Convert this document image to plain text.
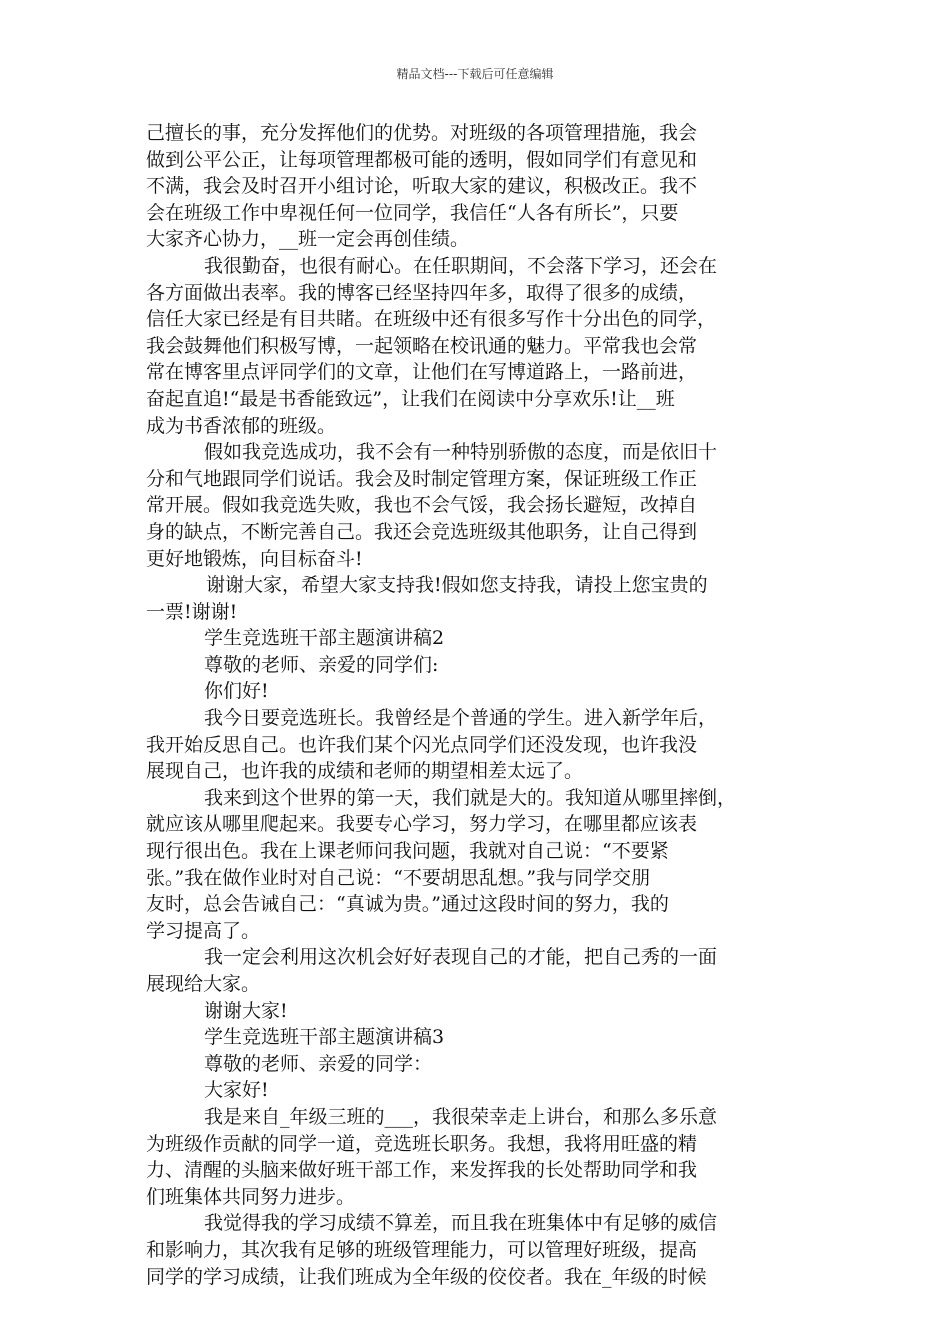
精品文档---下载后可任意编辑
己擅长的事，充分发挥他们的优势。对班级的各项管理措施，我会
做到公平公正，让每项管理都极可能的透明，假如同学们有意见和
不满，我会及时召开小组讨论，听取大家的建议，积极改正。我不
会在班级工作中卑视任何一位同学，我信任“人各有所长”，只要
大家齐心协力，__班一定会再创佳绩。
我很勤奋，也很有耐心。在任职期间，不会落下学习，还会在
各方面做出表率。我的博客已经坚持四年多，取得了很多的成绩，
信任大家已经是有目共睹。在班级中还有很多写作十分出色的同学，
我会鼓舞他们积极写博，一起领略在校讯通的魅力。平常我也会常
常在博客里点评同学们的文章，让他们在写博道路上，一路前进，
奋起直追!“最是书香能致远”，让我们在阅读中分享欢乐!让__班
成为书香浓郁的班级。
假如我竞选成功，我不会有一种特别骄傲的态度，而是依旧十
分和气地跟同学们说话。我会及时制定管理方案，保证班级工作正
常开展。假如我竞选失败，我也不会气馁，我会扬长避短，改掉自
身的缺点，不断完善自己。我还会竞选班级其他职务，让自己得到
更好地锻炼，向目标奋斗!
谢谢大家，希望大家支持我!假如您支持我，请投上您宝贵的
一票!谢谢!
学生竞选班干部主题演讲稿2
尊敬的老师、亲爱的同学们:
你们好!
我今日要竞选班长。我曾经是个普通的学生。进入新学年后，
我开始反思自己。也许我们某个闪光点同学们还没发现，也许我没
展现自己，也许我的成绩和老师的期望相差太远了。
我来到这个世界的第一天，我们就是大的。我知道从哪里摔倒，
就应该从哪里爬起来。我要专心学习，努力学习，在哪里都应该表
现行很出色。我在上课老师问我问题，我就对自己说：“不要紧
张。”我在做作业时对自己说：“不要胡思乱想。”我与同学交朋
友时，总会告诫自己：“真诚为贵。”通过这段时间的努力，我的
学习提高了。
我一定会利用这次机会好好表现自己的才能，把自己秀的一面
展现给大家。
谢谢大家!
学生竞选班干部主题演讲稿3
尊敬的老师、亲爱的同学：
大家好!
我是来自_年级三班的___，我很荣幸走上讲台，和那么多乐意
为班级作贡献的同学一道，竞选班长职务。我想，我将用旺盛的精
力、清醒的头脑来做好班干部工作，来发挥我的长处帮助同学和我
们班集体共同努力进步。
我觉得我的学习成绩不算差，而且我在班集体中有足够的威信
和影响力，其次我有足够的班级管理能力，可以管理好班级，提高
同学的学习成绩，让我们班成为全年级的佼佼者。我在_年级的时候
